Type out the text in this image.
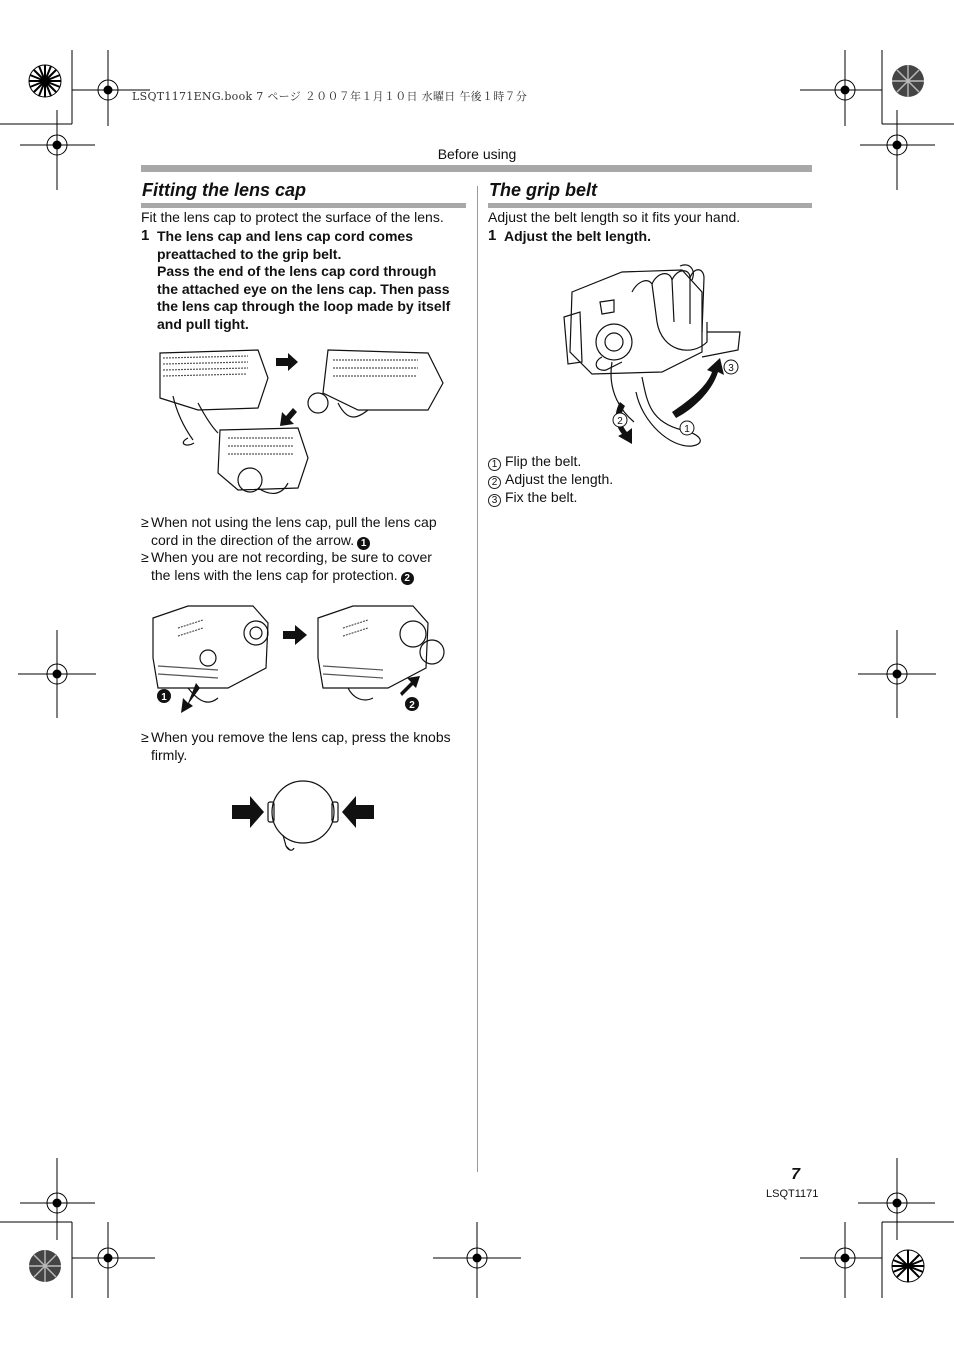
LSQT1171ENG.book 7 ページ ２００７年１月１０日 水曜日 午後１時７分
Before using
Fitting the lens cap
Fit the lens cap to protect the surface of the lens.
1 The lens cap and lens cap cord comes
preattached to the grip belt.
Pass the end of the lens cap cord through
the attached eye on the lens cap. Then pass
the lens cap through the loop made by itself
and pull tight.
≥ When not using the lens cap, pull the lens cap
cord in the direction of the arrow. 1
≥ When you are not recording, be sure to cover
the lens with the lens cap for protection. 2
1
2
≥ When you remove the lens cap, press the knobs
firmly.
The grip belt
Adjust the belt length so it fits your hand.
1 Adjust the belt length.
3
2
1
1 Flip the belt.
2 Adjust the length.
3 Fix the belt.
7
LSQT1171
